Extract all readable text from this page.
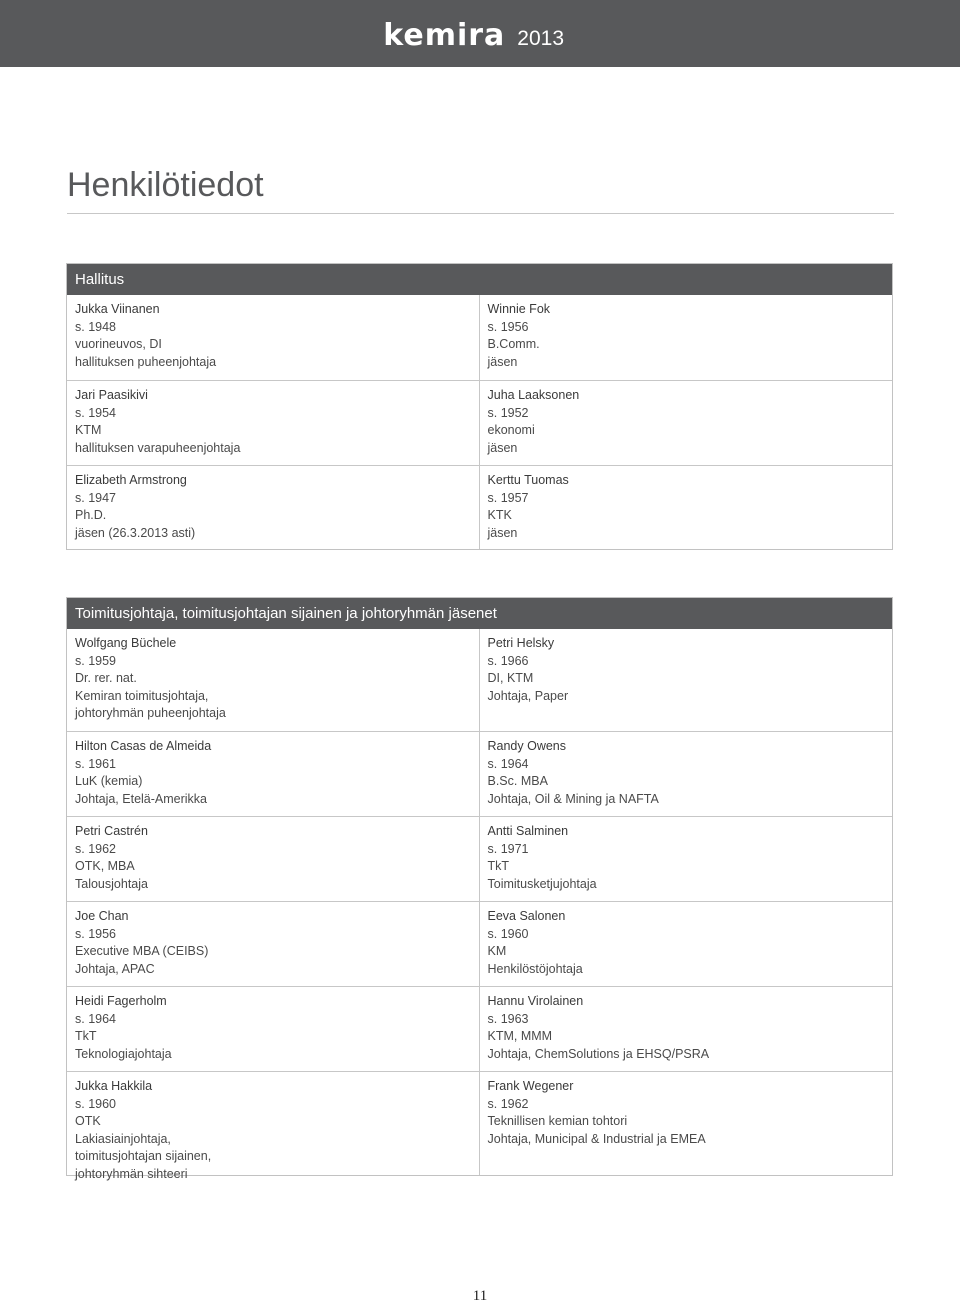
kemira 2013
Henkilötiedot
Hallitus
Jukka Viinanen
s. 1948
vuorineuvos, DI
hallituksen puheenjohtaja
Winnie Fok
s. 1956
B.Comm.
jäsen
Jari Paasikivi
s. 1954
KTM
hallituksen varapuheenjohtaja
Juha Laaksonen
s. 1952
ekonomi
jäsen
Elizabeth Armstrong
s. 1947
Ph.D.
jäsen (26.3.2013 asti)
Kerttu Tuomas
s. 1957
KTK
jäsen
Toimitusjohtaja, toimitusjohtajan sijainen ja johtoryhmän jäsenet
Wolfgang Büchele
s. 1959
Dr. rer. nat.
Kemiran toimitusjohtaja,
johtoryhmän puheenjohtaja
Petri Helsky
s. 1966
DI, KTM
Johtaja, Paper
Hilton Casas de Almeida
s. 1961
LuK (kemia)
Johtaja, Etelä-Amerikka
Randy Owens
s. 1964
B.Sc. MBA
Johtaja, Oil & Mining ja NAFTA
Petri Castrén
s. 1962
OTK, MBA
Talousjohtaja
Antti Salminen
s. 1971
TkT
Toimitusketjujohtaja
Joe Chan
s. 1956
Executive MBA (CEIBS)
Johtaja, APAC
Eeva Salonen
s. 1960
KM
Henkilöstöjohtaja
Heidi Fagerholm
s. 1964
TkT
Teknologiajohtaja
Hannu Virolainen
s. 1963
KTM, MMM
Johtaja, ChemSolutions ja EHSQ/PSRA
Jukka Hakkila
s. 1960
OTK
Lakiasiainjohtaja,
toimitusjohtajan sijainen,
johtoryhmän sihteeri
Frank Wegener
s. 1962
Teknillisen kemian tohtori
Johtaja, Municipal & Industrial ja EMEA
11
